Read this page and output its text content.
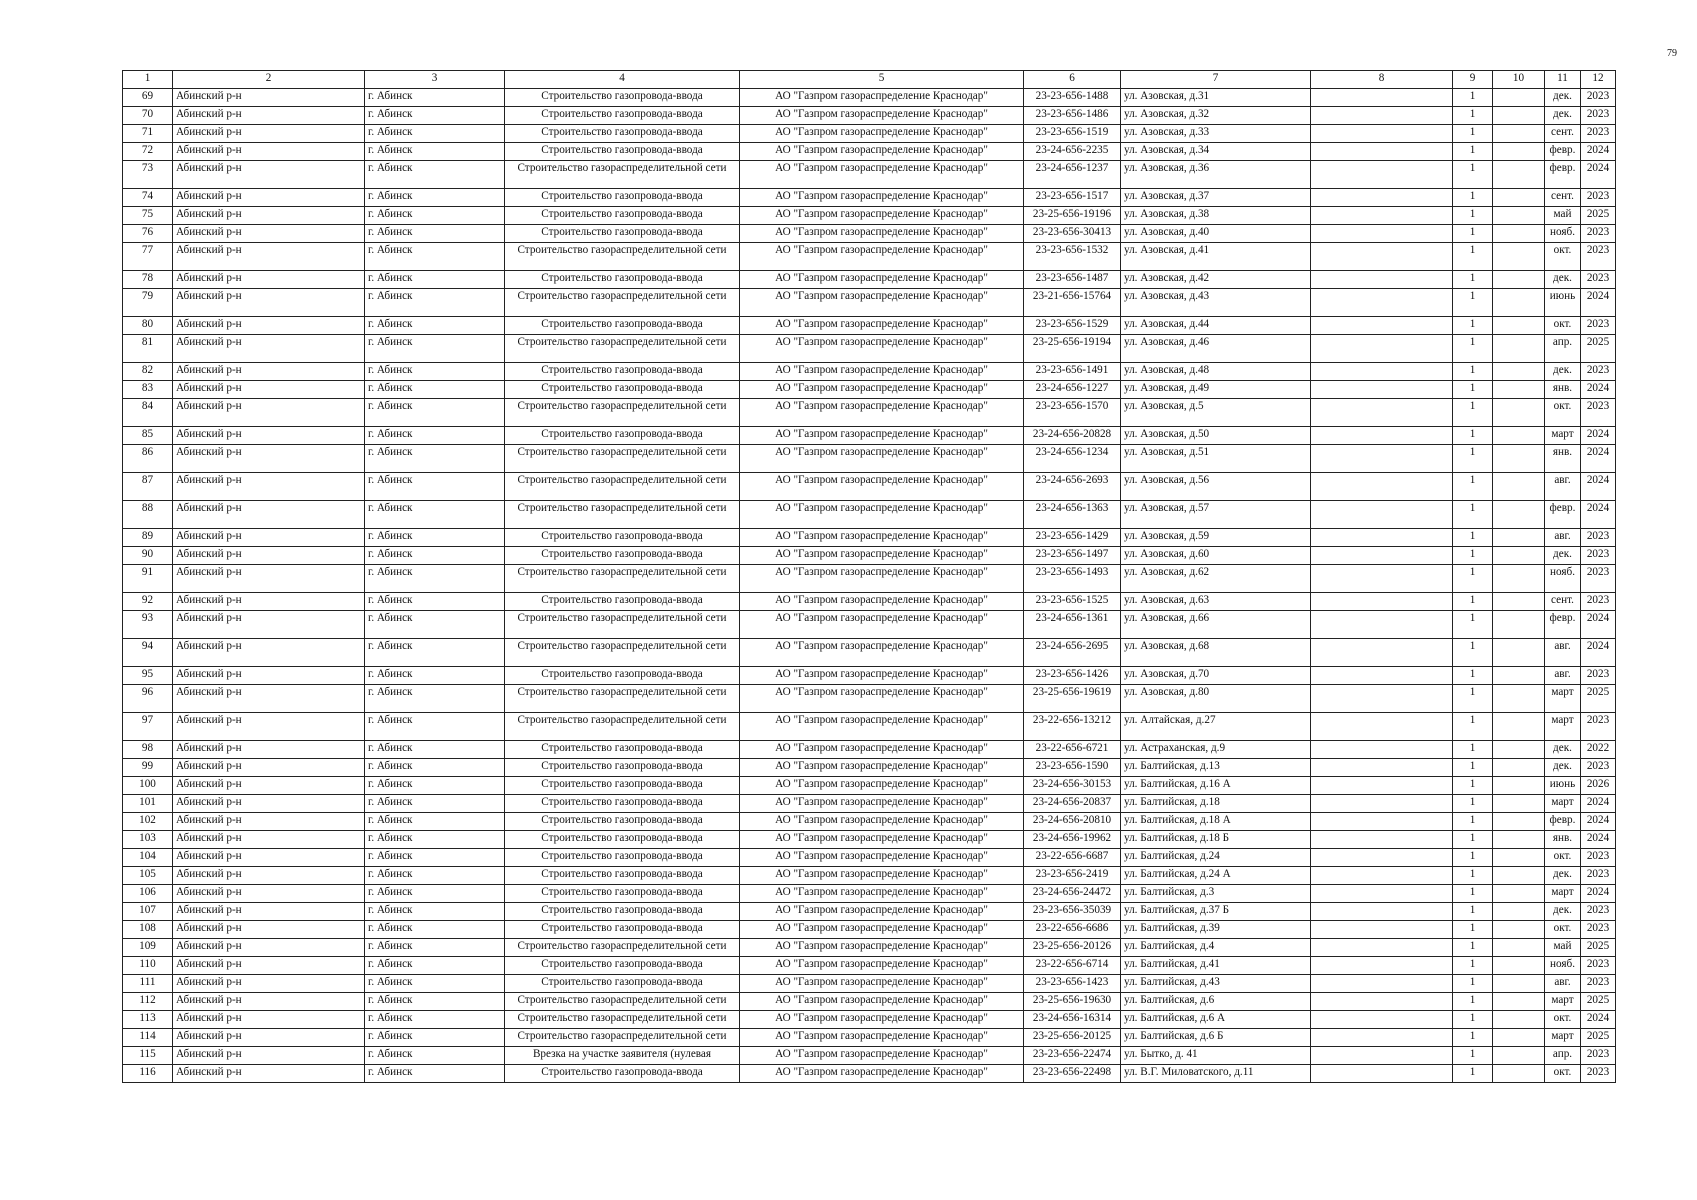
79
1	2	3	4	5	6	7	8	9	10	11	12
69	Абинский р-н	г. Абинск	Строительство газопровода-ввода	АО "Газпром газораспределение Краснодар"	23-23-656-1488	ул. Азовская, д.31		1		дек.	2023
70	Абинский р-н	г. Абинск	Строительство газопровода-ввода	АО "Газпром газораспределение Краснодар"	23-23-656-1486	ул. Азовская, д.32		1		дек.	2023
71	Абинский р-н	г. Абинск	Строительство газопровода-ввода	АО "Газпром газораспределение Краснодар"	23-23-656-1519	ул. Азовская, д.33		1		сент.	2023
72	Абинский р-н	г. Абинск	Строительство газопровода-ввода	АО "Газпром газораспределение Краснодар"	23-24-656-2235	ул. Азовская, д.34		1		февр.	2024
73	Абинский р-н	г. Абинск	Строительство газораспределительной сети	АО "Газпром газораспределение Краснодар"	23-24-656-1237	ул. Азовская, д.36		1		февр.	2024
74	Абинский р-н	г. Абинск	Строительство газопровода-ввода	АО "Газпром газораспределение Краснодар"	23-23-656-1517	ул. Азовская, д.37		1		сент.	2023
75	Абинский р-н	г. Абинск	Строительство газопровода-ввода	АО "Газпром газораспределение Краснодар"	23-25-656-19196	ул. Азовская, д.38		1		май	2025
76	Абинский р-н	г. Абинск	Строительство газопровода-ввода	АО "Газпром газораспределение Краснодар"	23-23-656-30413	ул. Азовская, д.40		1		нояб.	2023
77	Абинский р-н	г. Абинск	Строительство газораспределительной сети	АО "Газпром газораспределение Краснодар"	23-23-656-1532	ул. Азовская, д.41		1		окт.	2023
78	Абинский р-н	г. Абинск	Строительство газопровода-ввода	АО "Газпром газораспределение Краснодар"	23-23-656-1487	ул. Азовская, д.42		1		дек.	2023
79	Абинский р-н	г. Абинск	Строительство газораспределительной сети	АО "Газпром газораспределение Краснодар"	23-21-656-15764	ул. Азовская, д.43		1		июнь	2024
80	Абинский р-н	г. Абинск	Строительство газопровода-ввода	АО "Газпром газораспределение Краснодар"	23-23-656-1529	ул. Азовская, д.44		1		окт.	2023
81	Абинский р-н	г. Абинск	Строительство газораспределительной сети	АО "Газпром газораспределение Краснодар"	23-25-656-19194	ул. Азовская, д.46		1		апр.	2025
82	Абинский р-н	г. Абинск	Строительство газопровода-ввода	АО "Газпром газораспределение Краснодар"	23-23-656-1491	ул. Азовская, д.48		1		дек.	2023
83	Абинский р-н	г. Абинск	Строительство газопровода-ввода	АО "Газпром газораспределение Краснодар"	23-24-656-1227	ул. Азовская, д.49		1		янв.	2024
84	Абинский р-н	г. Абинск	Строительство газораспределительной сети	АО "Газпром газораспределение Краснодар"	23-23-656-1570	ул. Азовская, д.5		1		окт.	2023
85	Абинский р-н	г. Абинск	Строительство газопровода-ввода	АО "Газпром газораспределение Краснодар"	23-24-656-20828	ул. Азовская, д.50		1		март	2024
86	Абинский р-н	г. Абинск	Строительство газораспределительной сети	АО "Газпром газораспределение Краснодар"	23-24-656-1234	ул. Азовская, д.51		1		янв.	2024
87	Абинский р-н	г. Абинск	Строительство газораспределительной сети	АО "Газпром газораспределение Краснодар"	23-24-656-2693	ул. Азовская, д.56		1		авг.	2024
88	Абинский р-н	г. Абинск	Строительство газораспределительной сети	АО "Газпром газораспределение Краснодар"	23-24-656-1363	ул. Азовская, д.57		1		февр.	2024
89	Абинский р-н	г. Абинск	Строительство газопровода-ввода	АО "Газпром газораспределение Краснодар"	23-23-656-1429	ул. Азовская, д.59		1		авг.	2023
90	Абинский р-н	г. Абинск	Строительство газопровода-ввода	АО "Газпром газораспределение Краснодар"	23-23-656-1497	ул. Азовская, д.60		1		дек.	2023
91	Абинский р-н	г. Абинск	Строительство газораспределительной сети	АО "Газпром газораспределение Краснодар"	23-23-656-1493	ул. Азовская, д.62		1		нояб.	2023
92	Абинский р-н	г. Абинск	Строительство газопровода-ввода	АО "Газпром газораспределение Краснодар"	23-23-656-1525	ул. Азовская, д.63		1		сент.	2023
93	Абинский р-н	г. Абинск	Строительство газораспределительной сети	АО "Газпром газораспределение Краснодар"	23-24-656-1361	ул. Азовская, д.66		1		февр.	2024
94	Абинский р-н	г. Абинск	Строительство газораспределительной сети	АО "Газпром газораспределение Краснодар"	23-24-656-2695	ул. Азовская, д.68		1		авг.	2024
95	Абинский р-н	г. Абинск	Строительство газопровода-ввода	АО "Газпром газораспределение Краснодар"	23-23-656-1426	ул. Азовская, д.70		1		авг.	2023
96	Абинский р-н	г. Абинск	Строительство газораспределительной сети	АО "Газпром газораспределение Краснодар"	23-25-656-19619	ул. Азовская, д.80		1		март	2025
97	Абинский р-н	г. Абинск	Строительство газораспределительной сети	АО "Газпром газораспределение Краснодар"	23-22-656-13212	ул. Алтайская, д.27		1		март	2023
98	Абинский р-н	г. Абинск	Строительство газопровода-ввода	АО "Газпром газораспределение Краснодар"	23-22-656-6721	ул. Астраханская, д.9		1		дек.	2022
99	Абинский р-н	г. Абинск	Строительство газопровода-ввода	АО "Газпром газораспределение Краснодар"	23-23-656-1590	ул. Балтийская, д.13		1		дек.	2023
100	Абинский р-н	г. Абинск	Строительство газопровода-ввода	АО "Газпром газораспределение Краснодар"	23-24-656-30153	ул. Балтийская, д.16 А		1		июнь	2026
101	Абинский р-н	г. Абинск	Строительство газопровода-ввода	АО "Газпром газораспределение Краснодар"	23-24-656-20837	ул. Балтийская, д.18		1		март	2024
102	Абинский р-н	г. Абинск	Строительство газопровода-ввода	АО "Газпром газораспределение Краснодар"	23-24-656-20810	ул. Балтийская, д.18 А		1		февр.	2024
103	Абинский р-н	г. Абинск	Строительство газопровода-ввода	АО "Газпром газораспределение Краснодар"	23-24-656-19962	ул. Балтийская, д.18 Б		1		янв.	2024
104	Абинский р-н	г. Абинск	Строительство газопровода-ввода	АО "Газпром газораспределение Краснодар"	23-22-656-6687	ул. Балтийская, д.24		1		окт.	2023
105	Абинский р-н	г. Абинск	Строительство газопровода-ввода	АО "Газпром газораспределение Краснодар"	23-23-656-2419	ул. Балтийская, д.24 А		1		дек.	2023
106	Абинский р-н	г. Абинск	Строительство газопровода-ввода	АО "Газпром газораспределение Краснодар"	23-24-656-24472	ул. Балтийская, д.3		1		март	2024
107	Абинский р-н	г. Абинск	Строительство газопровода-ввода	АО "Газпром газораспределение Краснодар"	23-23-656-35039	ул. Балтийская, д.37 Б		1		дек.	2023
108	Абинский р-н	г. Абинск	Строительство газопровода-ввода	АО "Газпром газораспределение Краснодар"	23-22-656-6686	ул. Балтийская, д.39		1		окт.	2023
109	Абинский р-н	г. Абинск	Строительство газораспределительной сети	АО "Газпром газораспределение Краснодар"	23-25-656-20126	ул. Балтийская, д.4		1		май	2025
110	Абинский р-н	г. Абинск	Строительство газопровода-ввода	АО "Газпром газораспределение Краснодар"	23-22-656-6714	ул. Балтийская, д.41		1		нояб.	2023
111	Абинский р-н	г. Абинск	Строительство газопровода-ввода	АО "Газпром газораспределение Краснодар"	23-23-656-1423	ул. Балтийская, д.43		1		авг.	2023
112	Абинский р-н	г. Абинск	Строительство газораспределительной сети	АО "Газпром газораспределение Краснодар"	23-25-656-19630	ул. Балтийская, д.6		1		март	2025
113	Абинский р-н	г. Абинск	Строительство газораспределительной сети	АО "Газпром газораспределение Краснодар"	23-24-656-16314	ул. Балтийская, д.6 А		1		окт.	2024
114	Абинский р-н	г. Абинск	Строительство газораспределительной сети	АО "Газпром газораспределение Краснодар"	23-25-656-20125	ул. Балтийская, д.6 Б		1		март	2025
115	Абинский р-н	г. Абинск	Врезка на участке заявителя (нулевая	АО "Газпром газораспределение Краснодар"	23-23-656-22474	ул. Бытко, д. 41		1		апр.	2023
116	Абинский р-н	г. Абинск	Строительство газопровода-ввода	АО "Газпром газораспределение Краснодар"	23-23-656-22498	ул. В.Г. Миловатского, д.11		1		окт.	2023
